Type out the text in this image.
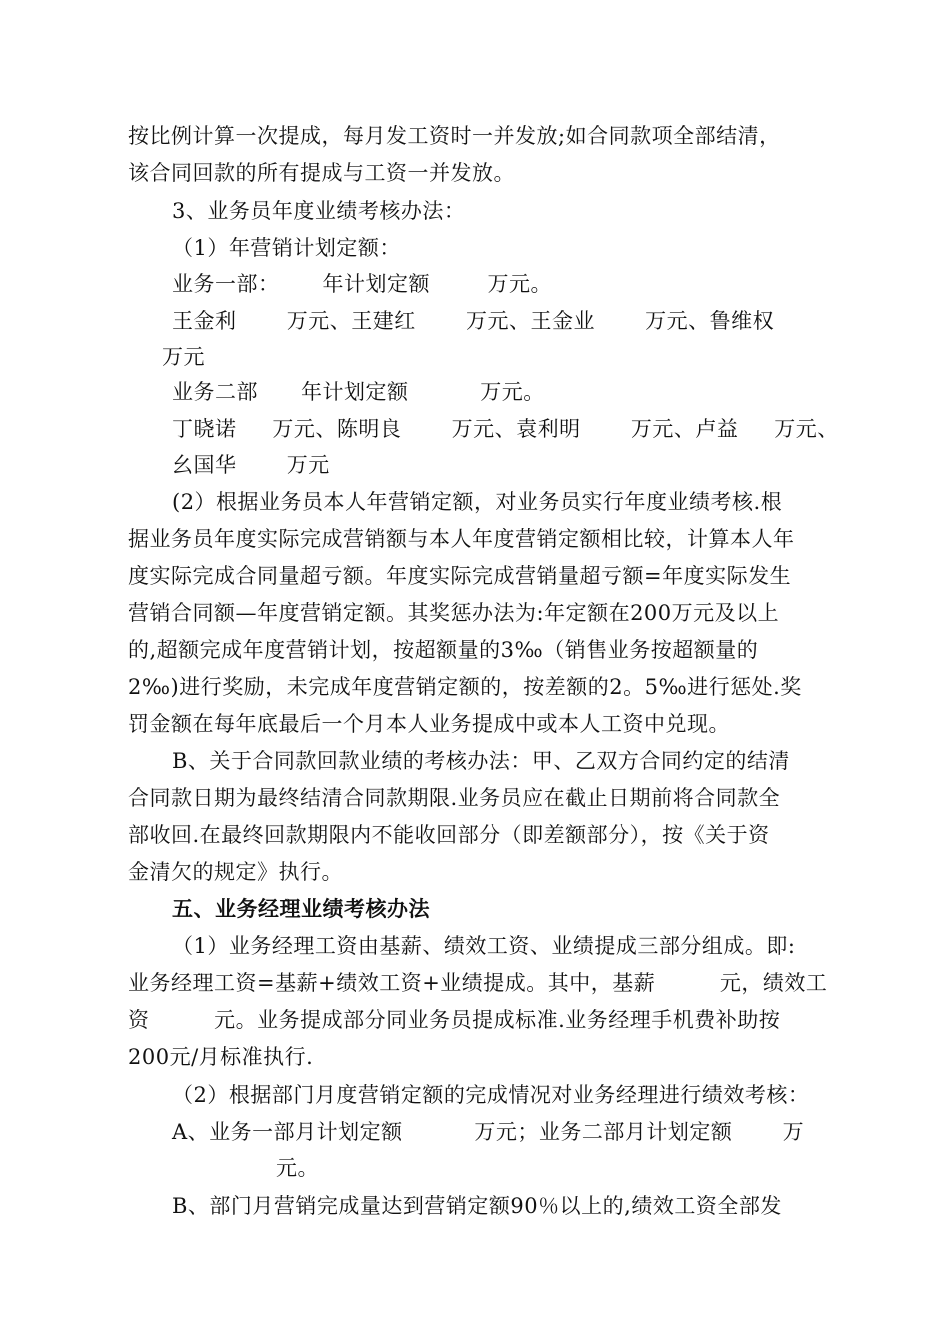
按比例计算一次提成，每月发工资时一并发放;如合同款项全部结清，
该合同回款的所有提成与工资一并发放。
3、业务员年度业绩考核办法：
（1）年营销计划定额：
业务一部：      年计划定额        万元。
王金利       万元、王建红       万元、王金业       万元、鲁维权
万元
业务二部      年计划定额          万元。
丁晓诺     万元、陈明良       万元、袁利明       万元、卢益     万元、
幺国华       万元
(2）根据业务员本人年营销定额，对业务员实行年度业绩考核.根
据业务员年度实际完成营销额与本人年度营销定额相比较，计算本人年
度实际完成合同量超亏额。年度实际完成营销量超亏额=年度实际发生
营销合同额—年度营销定额。其奖惩办法为:年定额在200万元及以上
的,超额完成年度营销计划，按超额量的3‰（销售业务按超额量的
2‰)进行奖励，未完成年度营销定额的，按差额的2。5‰进行惩处.奖
罚金额在每年底最后一个月本人业务提成中或本人工资中兑现。
B、关于合同款回款业绩的考核办法：甲、乙双方合同约定的结清
合同款日期为最终结清合同款期限.业务员应在截止日期前将合同款全
部收回.在最终回款期限内不能收回部分（即差额部分），按《关于资
金清欠的规定》执行。
五、业务经理业绩考核办法
（1）业务经理工资由基薪、绩效工资、业绩提成三部分组成。即:
业务经理工资=基薪+绩效工资+业绩提成。其中，基薪         元，绩效工
资         元。业务提成部分同业务员提成标准.业务经理手机费补助按
200元/月标准执行.
（2）根据部门月度营销定额的完成情况对业务经理进行绩效考核：
A、业务一部月计划定额          万元；业务二部月计划定额       万
元。
B、部门月营销完成量达到营销定额90％以上的,绩效工资全部发
